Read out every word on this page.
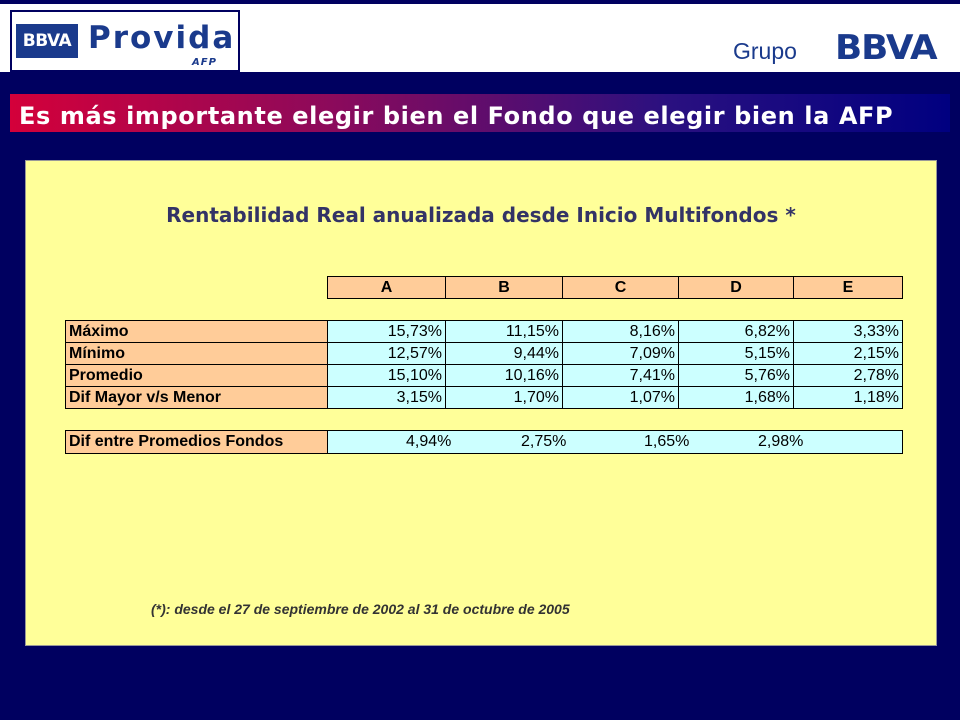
BBVA Provida
AFP	Grupo BBVA
Es más importante elegir bien el Fondo que elegir bien la AFP
Rentabilidad Real anualizada desde Inicio Multifondos *
	A	B	C	D	E

Máximo	15,73%	11,15%	8,16%	6,82%	3,33%
Mínimo	12,57%	9,44%	7,09%	5,15%	2,15%
Promedio	15,10%	10,16%	7,41%	5,76%	2,78%
Dif Mayor v/s Menor	3,15%	1,70%	1,07%	1,68%	1,18%

Dif entre Promedios Fondos	4,94% 2,75% 1,65% 2,98%				
(*): desde el 27 de septiembre de 2002 al 31 de octubre de 2005
